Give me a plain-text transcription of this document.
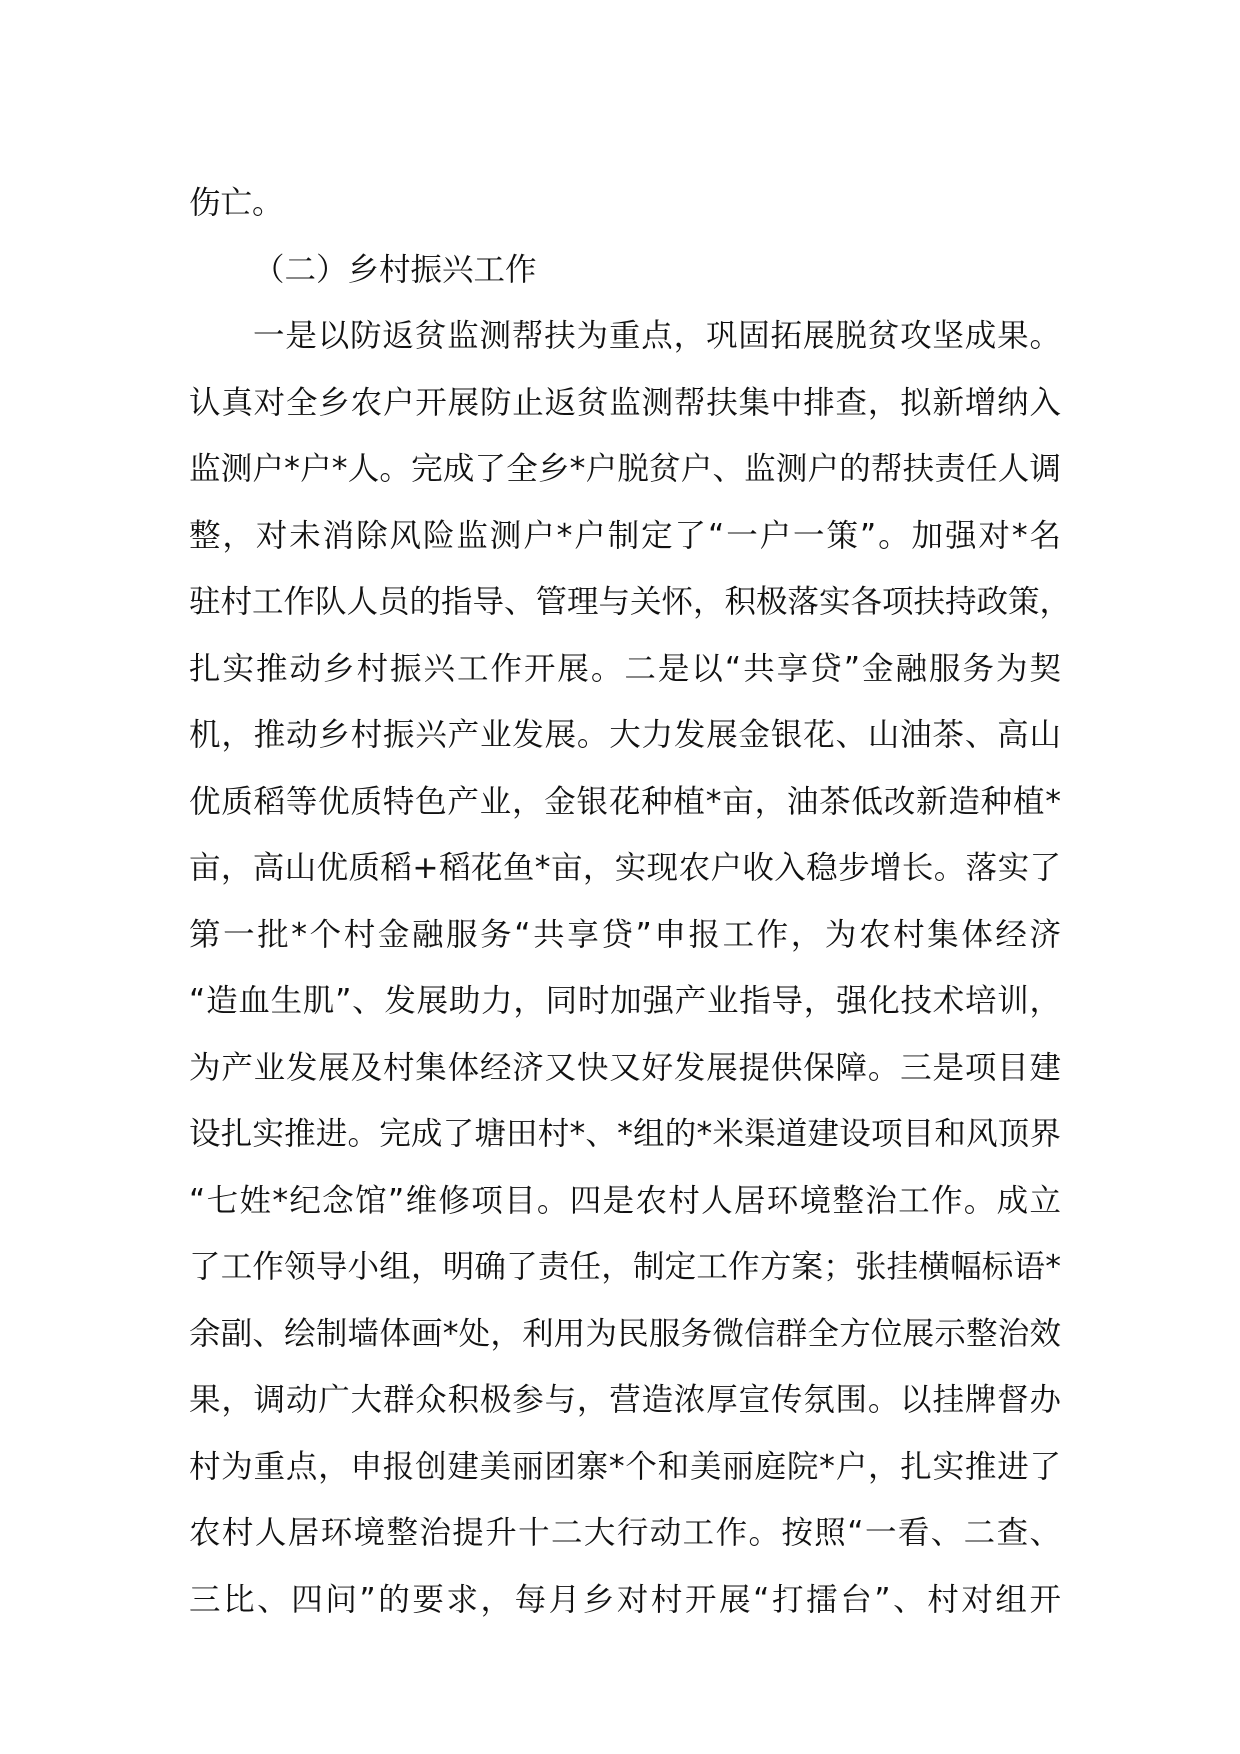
伤亡。
（二）乡村振兴工作
一是以防返贫监测帮扶为重点，巩固拓展脱贫攻坚成果。
认真对全乡农户开展防止返贫监测帮扶集中排查，拟新增纳入
监测户*户*人。完成了全乡*户脱贫户、监测户的帮扶责任人调
整，对未消除风险监测户*户制定了“一户一策”。加强对*名
驻村工作队人员的指导、管理与关怀，积极落实各项扶持政策，
扎实推动乡村振兴工作开展。二是以“共享贷”金融服务为契
机，推动乡村振兴产业发展。大力发展金银花、山油茶、高山
优质稻等优质特色产业，金银花种植*亩，油茶低改新造种植*
亩，高山优质稻+稻花鱼*亩，实现农户收入稳步增长。落实了
第一批*个村金融服务“共享贷”申报工作，为农村集体经济
“造血生肌”、发展助力，同时加强产业指导，强化技术培训，
为产业发展及村集体经济又快又好发展提供保障。三是项目建
设扎实推进。完成了塘田村*、*组的*米渠道建设项目和风顶界
“七姓*纪念馆”维修项目。四是农村人居环境整治工作。成立
了工作领导小组，明确了责任，制定工作方案；张挂横幅标语*
余副、绘制墙体画*处，利用为民服务微信群全方位展示整治效
果，调动广大群众积极参与，营造浓厚宣传氛围。以挂牌督办
村为重点，申报创建美丽团寨*个和美丽庭院*户，扎实推进了
农村人居环境整治提升十二大行动工作。按照“一看、二查、
三比、四问”的要求，每月乡对村开展“打擂台”、村对组开
